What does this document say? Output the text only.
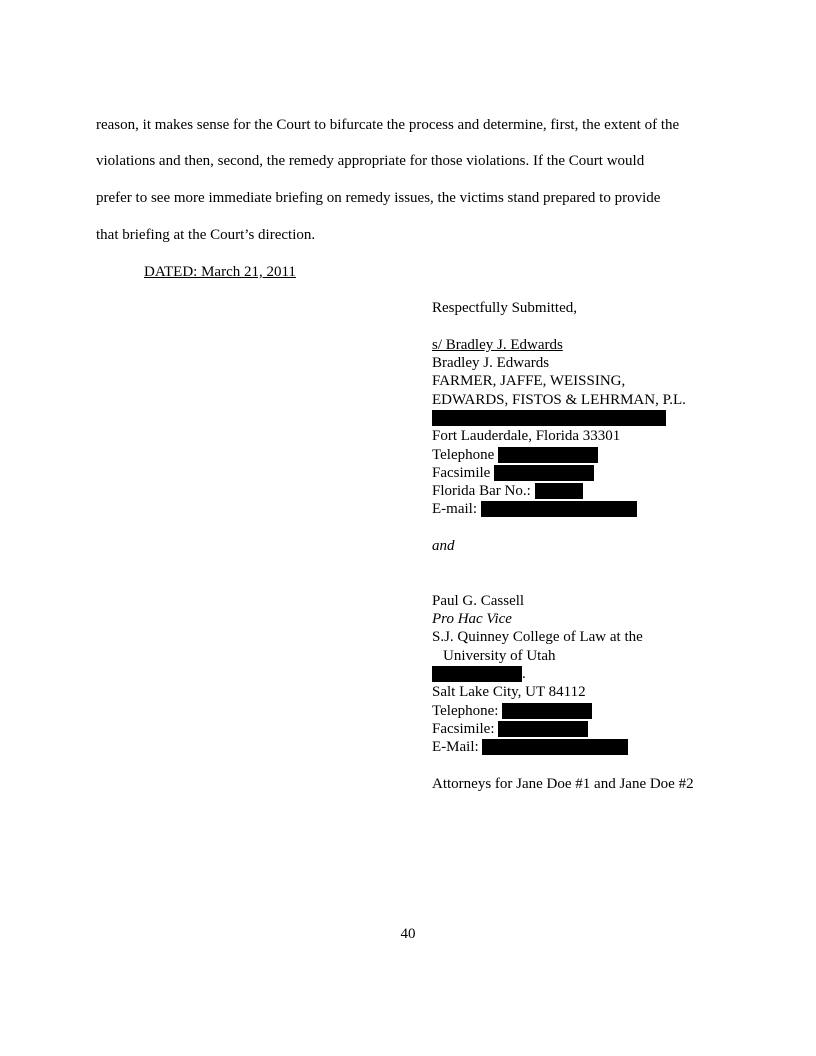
reason, it makes sense for the Court to bifurcate the process and determine, first, the extent of the
violations and then, second, the remedy appropriate for those violations. If the Court would
prefer to see more immediate briefing on remedy issues, the victims stand prepared to provide
that briefing at the Court’s direction.
DATED: March 21, 2011
Respectfully Submitted,
s/ Bradley J. Edwards
Bradley J. Edwards
FARMER, JAFFE, WEISSING,
EDWARDS, FISTOS & LEHRMAN, P.L.
Fort Lauderdale, Florida 33301
Telephone

Facsimile

Florida Bar No.:

E-mail:

and
Paul G. Cassell
Pro Hac Vice
S.J. Quinney College of Law at the
University of Utah
.
Salt Lake City, UT 84112
Telephone:

Facsimile:

E-Mail:

Attorneys for Jane Doe #1 and Jane Doe #2
40
